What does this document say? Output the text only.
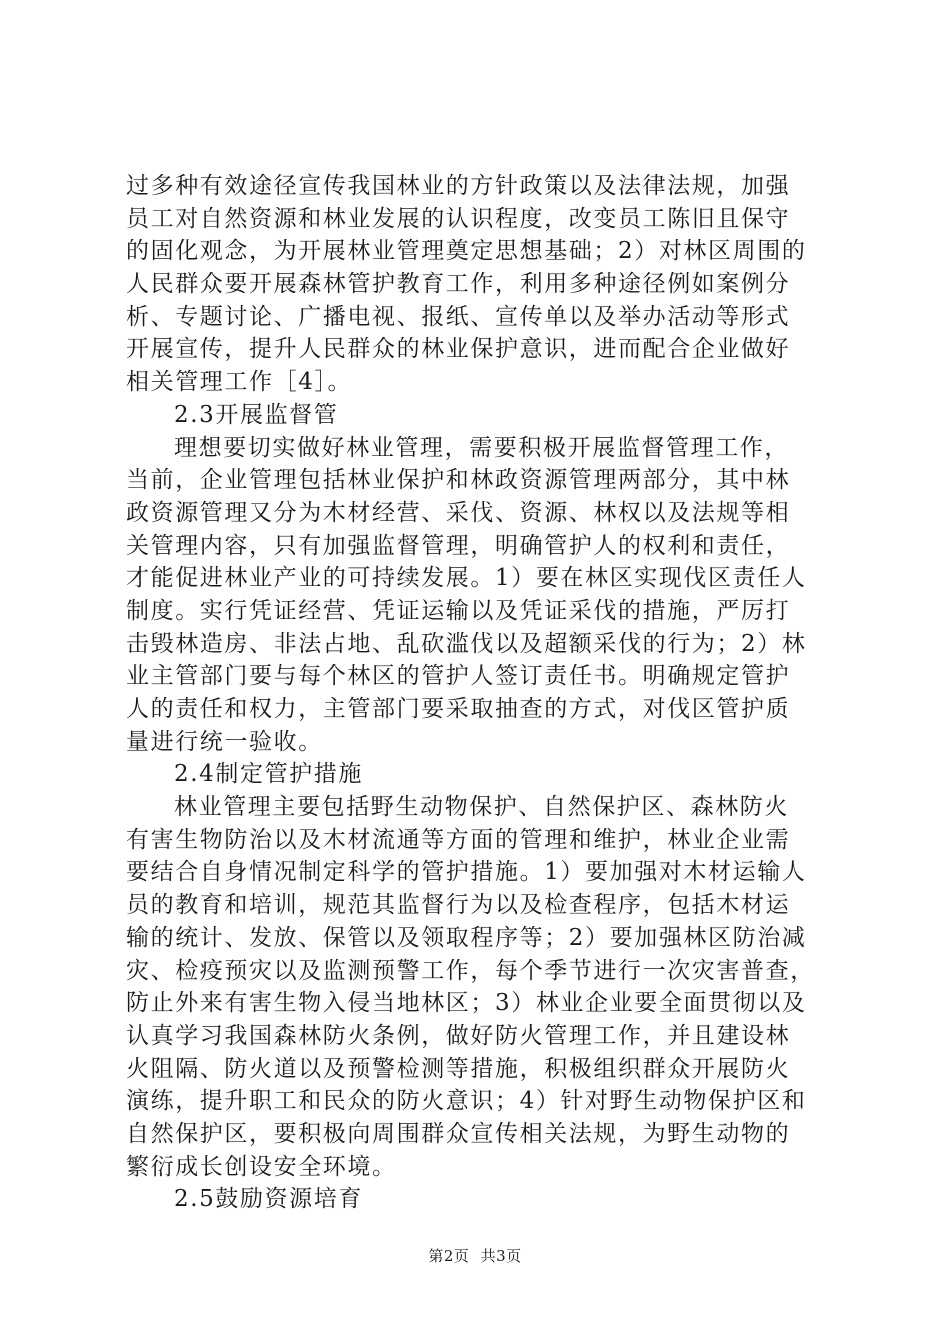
过多种有效途径宣传我国林业的方针政策以及法律法规，加强
员工对自然资源和林业发展的认识程度，改变员工陈旧且保守
的固化观念，为开展林业管理奠定思想基础；2）对林区周围的
人民群众要开展森林管护教育工作，利用多种途径例如案例分
析、专题讨论、广播电视、报纸、宣传单以及举办活动等形式
开展宣传，提升人民群众的林业保护意识，进而配合企业做好
相关管理工作［4］。
2.3开展监督管
理想要切实做好林业管理，需要积极开展监督管理工作，
当前，企业管理包括林业保护和林政资源管理两部分，其中林
政资源管理又分为木材经营、采伐、资源、林权以及法规等相
关管理内容，只有加强监督管理，明确管护人的权利和责任，
才能促进林业产业的可持续发展。1）要在林区实现伐区责任人
制度。实行凭证经营、凭证运输以及凭证采伐的措施，严厉打
击毁林造房、非法占地、乱砍滥伐以及超额采伐的行为；2）林
业主管部门要与每个林区的管护人签订责任书。明确规定管护
人的责任和权力，主管部门要采取抽查的方式，对伐区管护质
量进行统一验收。
2.4制定管护措施
林业管理主要包括野生动物保护、自然保护区、森林防火
有害生物防治以及木材流通等方面的管理和维护，林业企业需
要结合自身情况制定科学的管护措施。1）要加强对木材运输人
员的教育和培训，规范其监督行为以及检查程序，包括木材运
输的统计、发放、保管以及领取程序等；2）要加强林区防治减
灾、检疫预灾以及监测预警工作，每个季节进行一次灾害普查，
防止外来有害生物入侵当地林区；3）林业企业要全面贯彻以及
认真学习我国森林防火条例，做好防火管理工作，并且建设林
火阻隔、防火道以及预警检测等措施，积极组织群众开展防火
演练，提升职工和民众的防火意识；4）针对野生动物保护区和
自然保护区，要积极向周围群众宣传相关法规，为野生动物的
繁衍成长创设安全环境。
2.5鼓励资源培育
第2页 共3页
